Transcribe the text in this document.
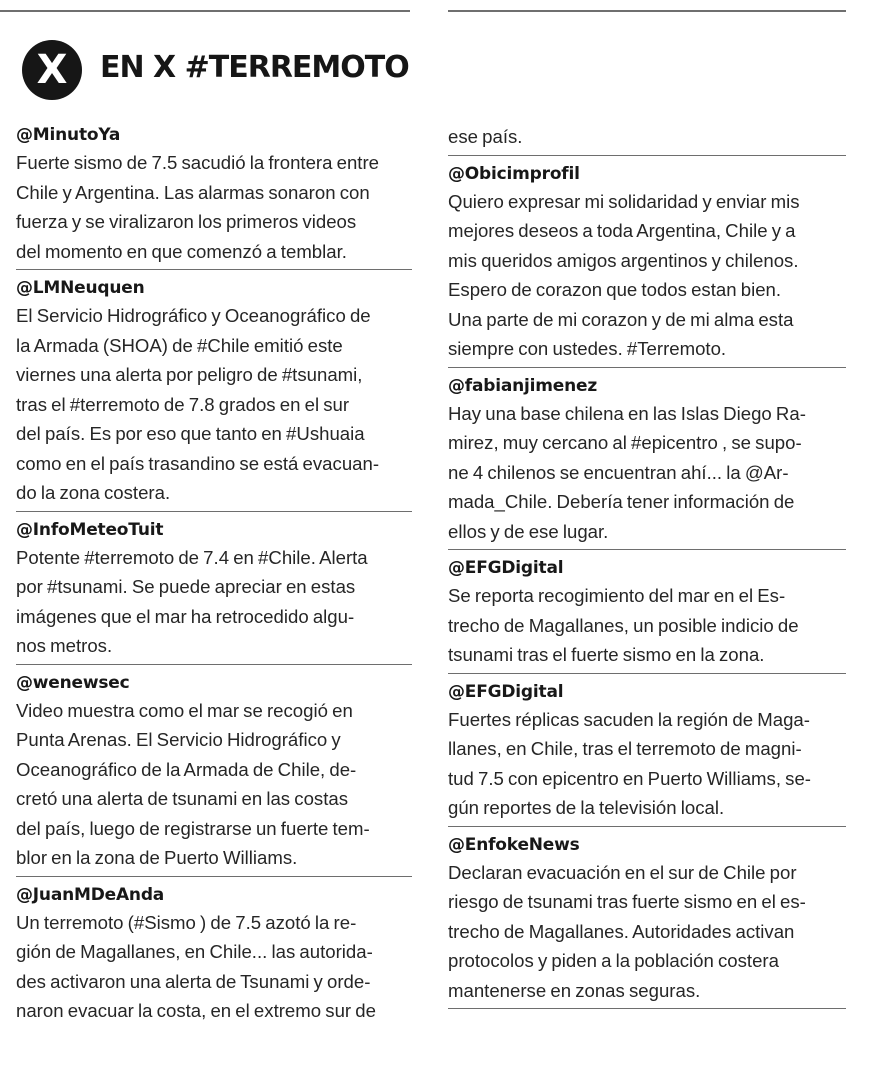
X	EN X #TERREMOTO
@MinutoYa
Fuerte sismo de 7.5 sacudió la frontera entre
Chile y Argentina. Las alarmas sonaron con
fuerza y se viralizaron los primeros videos
del momento en que comenzó a temblar.
@LMNeuquen
El Servicio Hidrográfico y Oceanográfico de
la Armada (SHOA) de #Chile emitió este
viernes una alerta por peligro de #tsunami,
tras el #terremoto de 7.8 grados en el sur
del país. Es por eso que tanto en #Ushuaia
como en el país trasandino se está evacuan-
do la zona costera.
@InfoMeteoTuit
Potente #terremoto de 7.4 en #Chile. Alerta
por #tsunami. Se puede apreciar en estas
imágenes que el mar ha retrocedido algu-
nos metros.
@wenewsec
Video muestra como el mar se recogió en
Punta Arenas. El Servicio Hidrográfico y
Oceanográfico de la Armada de Chile, de-
cretó una alerta de tsunami en las costas
del país, luego de registrarse un fuerte tem-
blor en la zona de Puerto Williams.
@JuanMDeAnda
Un terremoto (#Sismo ) de 7.5 azotó la re-
gión de Magallanes, en Chile... las autorida-
des activaron una alerta de Tsunami y orde-
naron evacuar la costa, en el extremo sur de
ese país.
@Obicimprofil
Quiero expresar mi solidaridad y enviar mis
mejores deseos a toda Argentina, Chile y a
mis queridos amigos argentinos y chilenos.
Espero de corazon que todos estan bien.
Una parte de mi corazon y de mi alma esta
siempre con ustedes. #Terremoto.
@fabianjimenez
Hay una base chilena en las Islas Diego Ra-
mirez, muy cercano al #epicentro , se supo-
ne 4 chilenos se encuentran ahí... la @Ar-
mada_Chile. Debería tener información de
ellos y de ese lugar.
@EFGDigital
Se reporta recogimiento del mar en el Es-
trecho de Magallanes, un posible indicio de
tsunami tras el fuerte sismo en la zona.
@EFGDigital
Fuertes réplicas sacuden la región de Maga-
llanes, en Chile, tras el terremoto de magni-
tud 7.5 con epicentro en Puerto Williams, se-
gún reportes de la televisión local.
@EnfokeNews
Declaran evacuación en el sur de Chile por
riesgo de tsunami tras fuerte sismo en el es-
trecho de Magallanes. Autoridades activan
protocolos y piden a la población costera
mantenerse en zonas seguras.
